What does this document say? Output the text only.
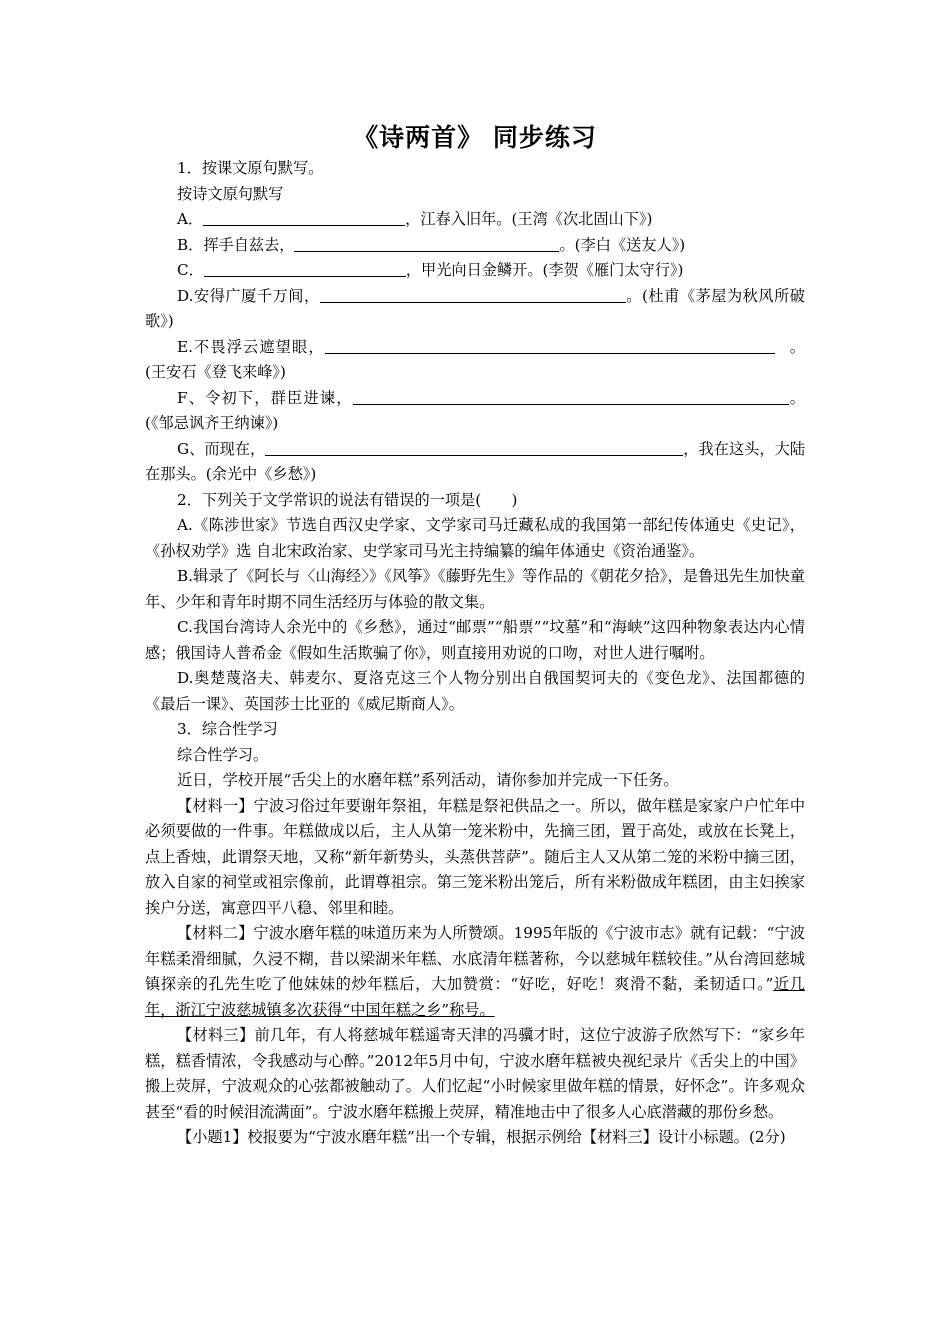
《诗两首》 同步练习

1．按课文原句默写。

按诗文原句默写

A．	，江春入旧年。(王湾《次北固山下》)

B．挥手自兹去，	。(李白《送友人》)

C．	，甲光向日金鳞开。(李贺《雁门太守行》)

D.安得广厦千万间，	。(杜甫《茅屋为秋风所破歌》)

E.不畏浮云遮望眼，	。(王安石《登飞来峰》)

F、令初下，群臣进谏，	。(《邹忌讽齐王纳谏》)

G、而现在，	，我在这头，大陆在那头。(余光中《乡愁》)

2．下列关于文学常识的说法有错误的一项是(　　)

A.《陈涉世家》节选自西汉史学家、文学家司马迁藏私成的我国第一部纪传体通史《史记》，《孙权劝学》选 自北宋政治家、史学家司马光主持编纂的编年体通史《资治通鉴》。

B.辑录了《阿长与〈山海经〉》《风筝》《藤野先生》等作品的《朝花夕拾》，是鲁迅先生加快童年、少年和青年时期不同生活经历与体验的散文集。

C.我国台湾诗人余光中的《乡愁》，通过“邮票”“船票”“坟墓”和“海峡”这四种物象表达内心情感；俄国诗人普希金《假如生活欺骗了你》，则直接用劝说的口吻，对世人进行嘱咐。

D.奥楚蔑洛夫、韩麦尔、夏洛克这三个人物分别出自俄国契诃夫的《变色龙》、法国都德的《最后一课》、英国莎士比亚的《威尼斯商人》。

3．综合性学习

综合性学习。

近日，学校开展“舌尖上的水磨年糕”系列活动，请你参加并完成一下任务。

【材料一】宁波习俗过年要谢年祭祖，年糕是祭祀供品之一。所以，做年糕是家家户户忙年中必须要做的一件事。年糕做成以后，主人从第一笼米粉中，先摘三团，置于高处，或放在长凳上，点上香烛，此谓祭天地，又称“新年新势头，头蒸供菩萨”。随后主人又从第二笼的米粉中摘三团，放入自家的祠堂或祖宗像前，此谓尊祖宗。第三笼米粉出笼后，所有米粉做成年糕团，由主妇挨家挨户分送，寓意四平八稳、邻里和睦。

【材料二】宁波水磨年糕的味道历来为人所赞颂。1995年版的《宁波市志》就有记载：“宁波年糕柔滑细腻，久浸不糊，昔以梁湖米年糕、水底清年糕著称，今以慈城年糕较佳。”从台湾回慈城镇探亲的孔先生吃了他妹妹的炒年糕后，大加赞赏：“好吃，好吃！爽滑不黏，柔韧适口。”近几年，浙江宁波慈城镇多次获得“中国年糕之乡”称号。

【材料三】前几年，有人将慈城年糕遥寄天津的冯骥才时，这位宁波游子欣然写下：“家乡年糕，糕香情浓，令我感动与心醉。”2012年5月中旬，宁波水磨年糕被央视纪录片《舌尖上的中国》搬上荧屏，宁波观众的心弦都被触动了。人们忆起“小时候家里做年糕的情景，好怀念”。许多观众甚至“看的时候泪流满面”。宁波水磨年糕搬上荧屏，精准地击中了很多人心底潜藏的那份乡愁。

【小题1】校报要为“宁波水磨年糕”出一个专辑，根据示例给【材料三】设计小标题。(2分)
